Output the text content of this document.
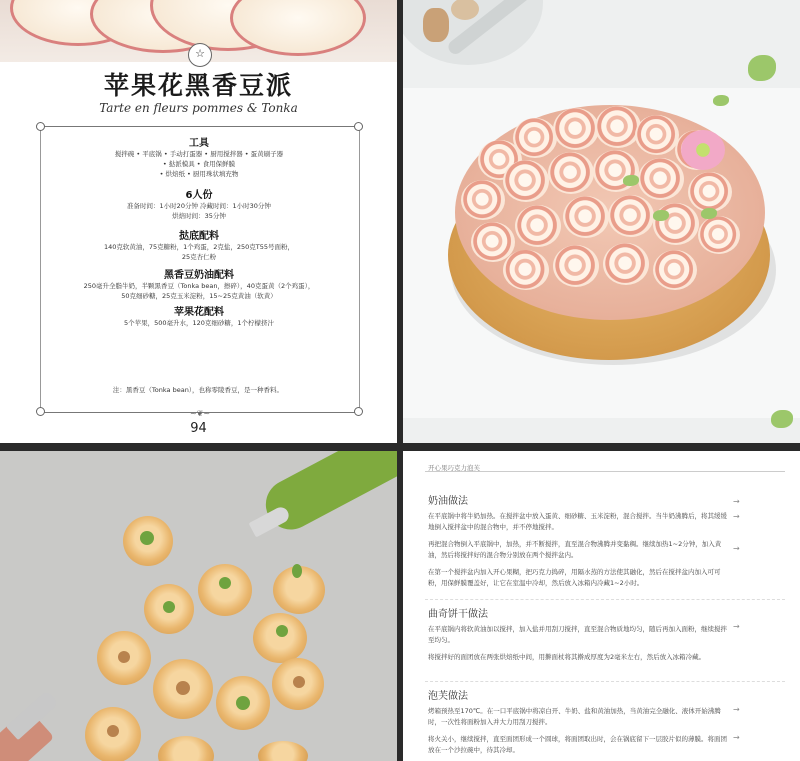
☆
苹果花黑香豆派
Tarte en fleurs pommes & Tonka
工具
搅拌碗 • 平底锅 • 手动打蛋器 • 厨用搅拌器 • 蛋黄刷子器
• 挞派模具 • 食用保鲜膜
• 烘焙纸 • 厨用珠状填充物
6人份
准备时间：1小时20分钟 冷藏时间：1小时30分钟
烘焙时间：35分钟
挞底配料
140克软黄油，75克糖粉，1个鸡蛋，2克盐，250克T55号面粉，
25克杏仁粉
黑香豆奶油配料
250毫升全脂牛奶，半颗黑香豆（Tonka bean，擦碎），40克蛋黄（2个鸡蛋），
50克细砂糖，25克玉米淀粉，15~25克黄油（软黄）
苹果花配料
5个苹果，500毫升水，120克细砂糖，1个柠檬挤汁
注：黑香豆（Tonka bean），也称零陵香豆，是一种香料。
~❦~
94
开心果巧克力泡芙
奶油做法
在平底锅中将牛奶加热。在搅拌盆中放入蛋黄、细砂糖、玉米淀粉，混合搅拌。当牛奶沸腾后，将其缓缓地倒入搅拌盆中的混合物中，并不停地搅拌。
再把混合物倒入平底锅中，加热，并不断搅拌，直至混合物沸腾并变黏稠。继续加热1~2分钟，加入黄油，然后将搅拌好的混合物分别放在两个搅拌盆内。
在第一个搅拌盆内加入开心果糊，把巧克力捣碎，用隔水蒸的方法使其融化，然后在搅拌盆内加入可可粉，用保鲜膜覆盖好，让它在室温中冷却，然后放入冰箱内冷藏1~2小时。
→
→
→
曲奇饼干做法
在平底锅内将软黄油加以搅拌，加入盐并用刮刀搅拌，直至混合物质地均匀，随后再加入面粉，继续搅拌至均匀。
将搅拌好的面团放在两张烘焙纸中间，用擀面杖将其擀成厚度为2毫米左右，然后放入冰箱冷藏。
→
泡芙做法
烤箱预热至170℃。在一口平底锅中将凉白开、牛奶、盐和黄油加热，当黄油完全融化、液体开始沸腾时，一次性将面粉加入并大力用刮刀搅拌。
将火关小，继续搅拌，直至面团形成一个圆球，将面团取出时，会在锅底留下一层胶片似的薄膜。将面团放在一个沙拉碗中，待其冷却。
→
→
